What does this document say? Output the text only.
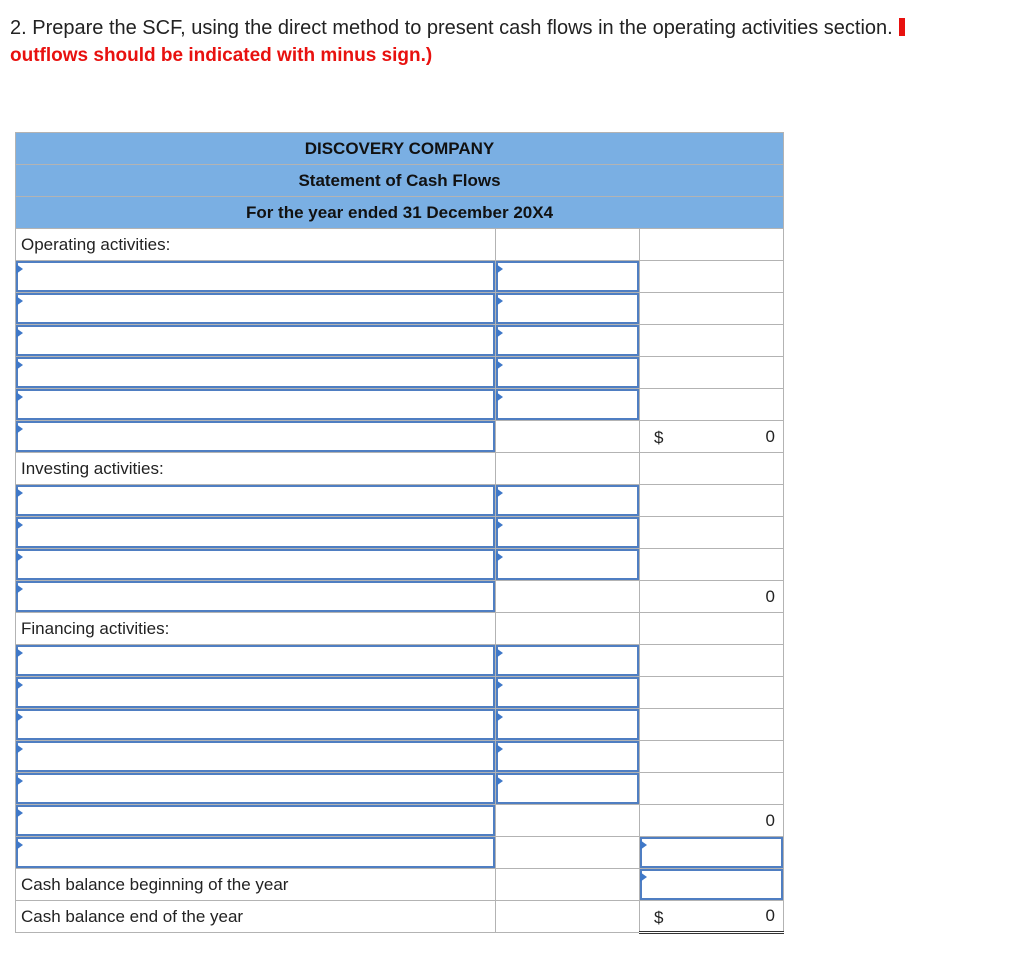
2. Prepare the SCF, using the direct method to present cash flows in the operating activities section.
outflows should be indicated with minus sign.)
DISCOVERY COMPANY		
Statement of Cash Flows		
For the year ended 31 December 20X4		
Operating activities:		

		$ 0
Investing activities:		

		0
Financing activities:		

		0

Cash balance beginning of the year		
Cash balance end of the year		$ 0
